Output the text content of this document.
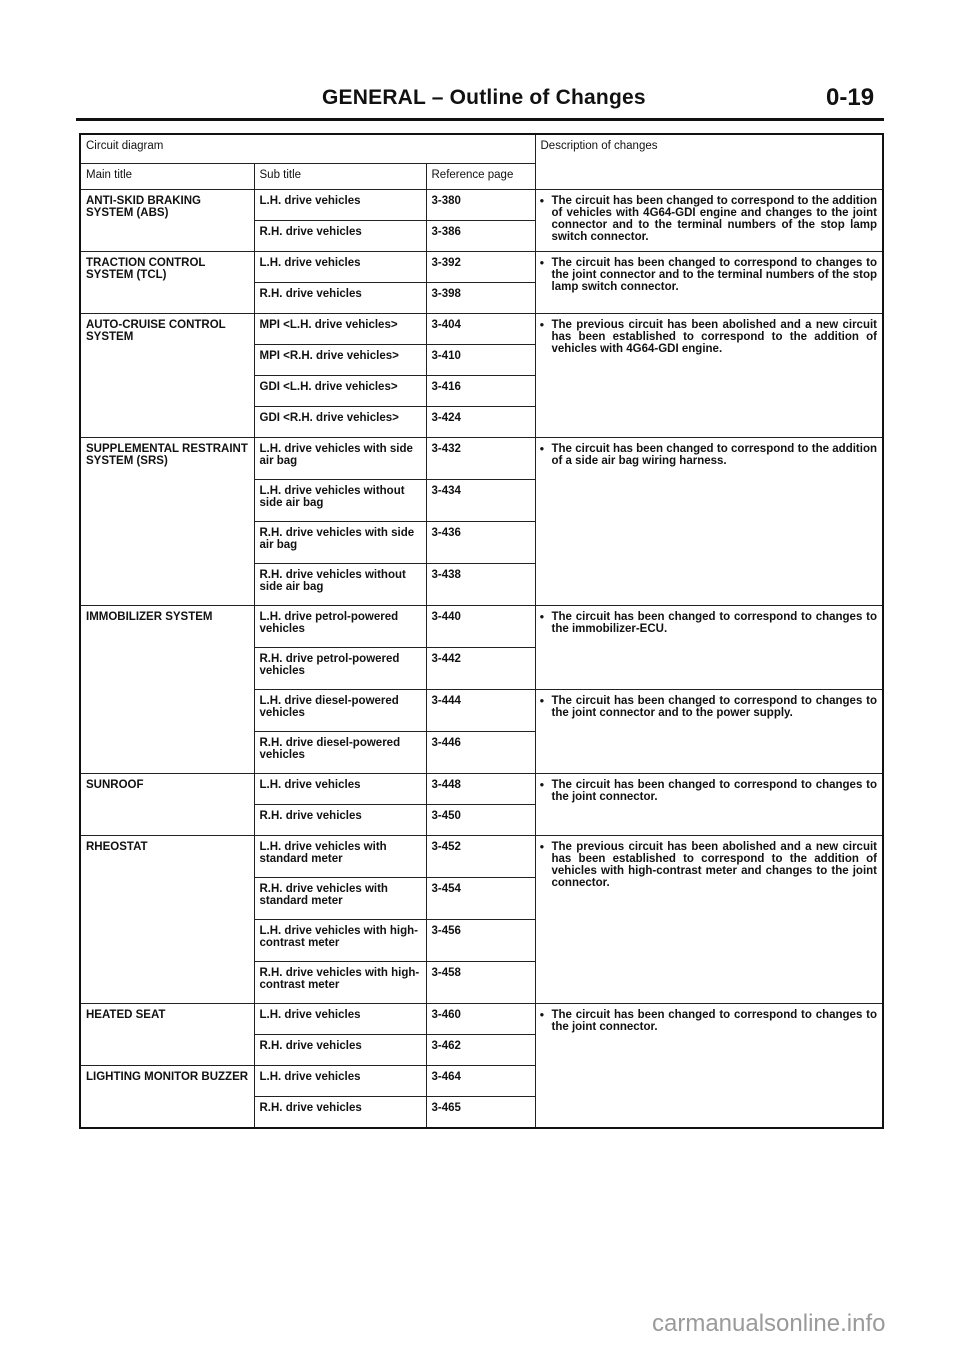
GENERAL – Outline of Changes	0-19
Circuit diagram			Description of changes
Main title	Sub title	Reference page	
ANTI-SKID BRAKING SYSTEM (ABS)	L.H. drive vehicles	3-380	● The circuit has been changed to correspond to the addition of vehicles with 4G64-GDI engine and changes to the joint connector and to the terminal numbers of the stop lamp switch connector.

	R.H. drive vehicles	3-386	
TRACTION CONTROL SYSTEM (TCL)	L.H. drive vehicles	3-392	● The circuit has been changed to correspond to changes to the joint connector and to the terminal numbers of the stop lamp switch connector.

	R.H. drive vehicles	3-398	
AUTO-CRUISE CONTROL SYSTEM	MPI <L.H. drive vehicles>	3-404	● The previous circuit has been abolished and a new circuit has been established to correspond to the addition of vehicles with 4G64-GDI engine.

	MPI <R.H. drive vehicles>	3-410	
	GDI <L.H. drive vehicles>	3-416	
	GDI <R.H. drive vehicles>	3-424	
SUPPLEMENTAL RESTRAINT SYSTEM (SRS)	L.H. drive vehicles with side air bag	3-432	● The circuit has been changed to correspond to the addition of a side air bag wiring harness.

	L.H. drive vehicles without side air bag	3-434	
	R.H. drive vehicles with side air bag	3-436	
	R.H. drive vehicles without side air bag	3-438	
IMMOBILIZER SYSTEM	L.H. drive petrol-powered vehicles	3-440	● The circuit has been changed to correspond to changes to the immobilizer-ECU.

	R.H. drive petrol-powered vehicles	3-442	
	L.H. drive diesel-powered vehicles	3-444	● The circuit has been changed to correspond to changes to the joint connector and to the power supply.

	R.H. drive diesel-powered vehicles	3-446	
SUNROOF	L.H. drive vehicles	3-448	● The circuit has been changed to correspond to changes to the joint connector.

	R.H. drive vehicles	3-450	
RHEOSTAT	L.H. drive vehicles with standard meter	3-452	● The previous circuit has been abolished and a new circuit has been established to correspond to the addition of vehicles with high-contrast meter and changes to the joint connector.

	R.H. drive vehicles with standard meter	3-454	
	L.H. drive vehicles with high-contrast meter	3-456	
	R.H. drive vehicles with high-contrast meter	3-458	
HEATED SEAT	L.H. drive vehicles	3-460	● The circuit has been changed to correspond to changes to the joint connector.

	R.H. drive vehicles	3-462	
LIGHTING MONITOR BUZZER	L.H. drive vehicles	3-464	
	R.H. drive vehicles	3-465	
carmanualsonline.info
